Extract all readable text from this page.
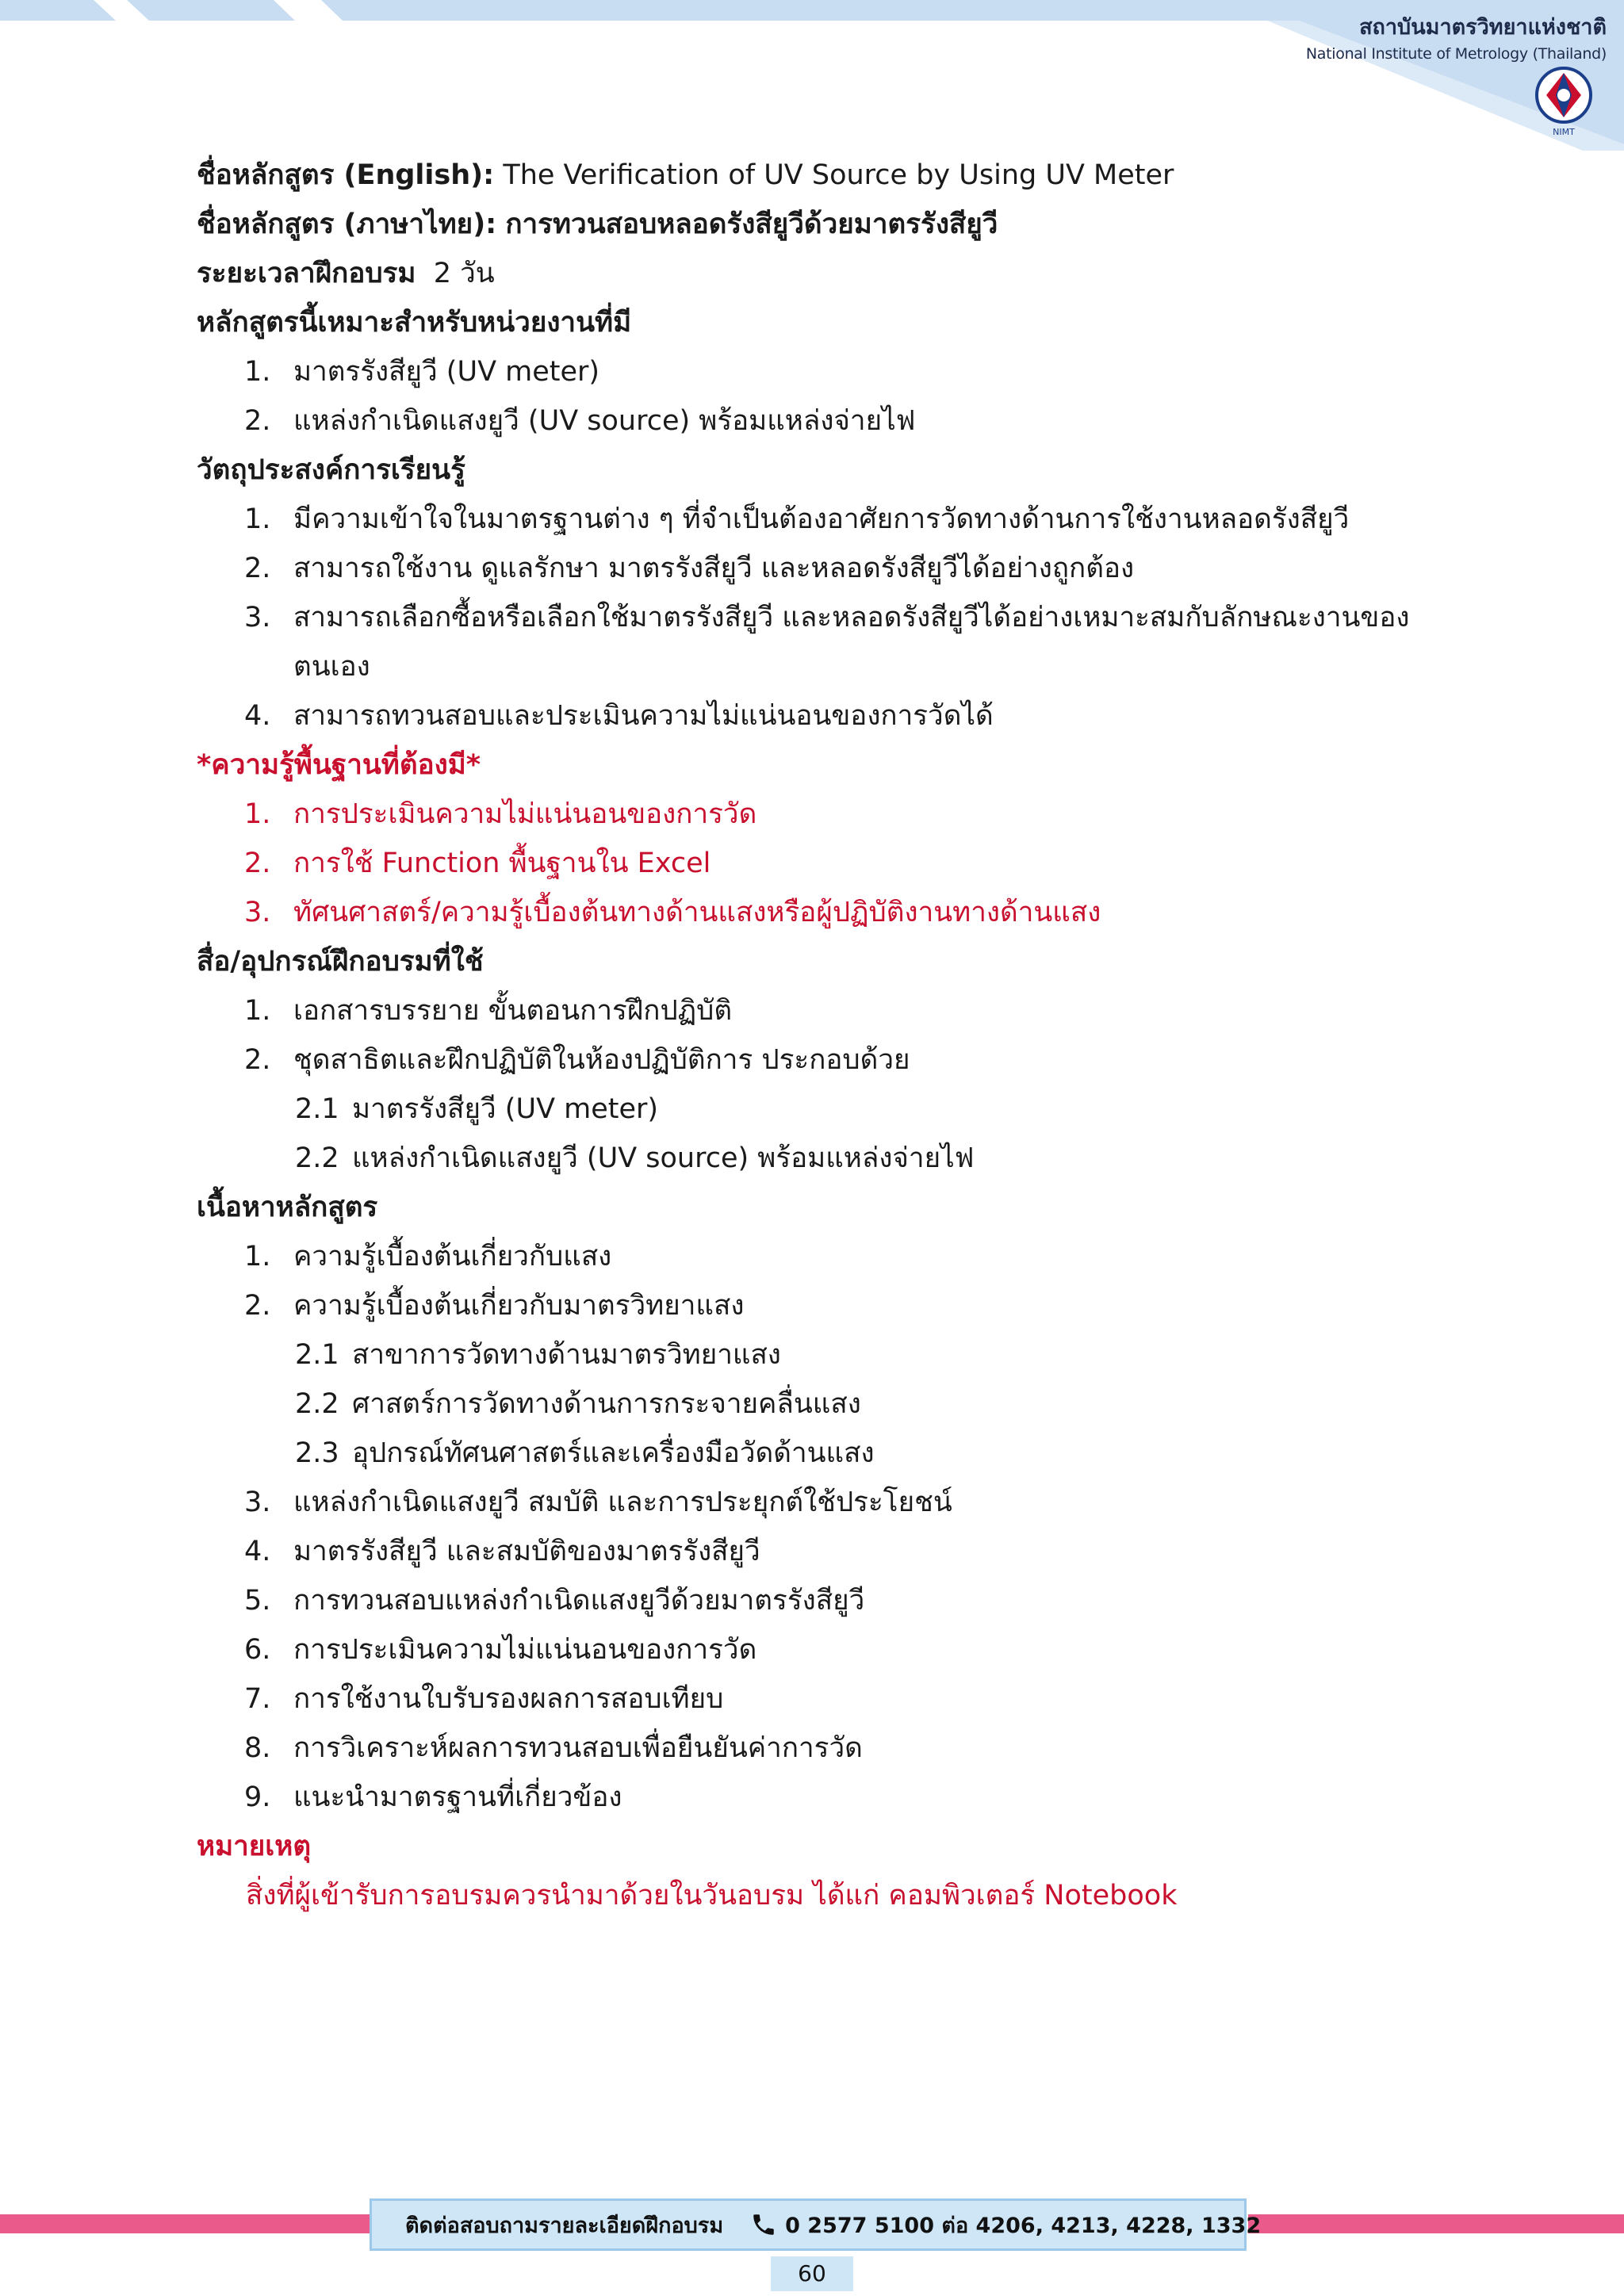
สถาบันมาตรวิทยาแห่งชาติ
National Institute of Metrology (Thailand)
NIMT
ชื่อหลักสูตร (English): The Verification of UV Source by Using UV Meter
ชื่อหลักสูตร (ภาษาไทย): การทวนสอบหลอดรังสียูวีด้วยมาตรรังสียูวี
ระยะเวลาฝึกอบรม 2 วัน
หลักสูตรนี้เหมาะสำหรับหน่วยงานที่มี
1. มาตรรังสียูวี (UV meter)
2. แหล่งกำเนิดแสงยูวี (UV source) พร้อมแหล่งจ่ายไฟ
วัตถุประสงค์การเรียนรู้
1. มีความเข้าใจในมาตรฐานต่าง ๆ ที่จำเป็นต้องอาศัยการวัดทางด้านการใช้งานหลอดรังสียูวี
2. สามารถใช้งาน ดูแลรักษา มาตรรังสียูวี และหลอดรังสียูวีได้อย่างถูกต้อง
3. สามารถเลือกซื้อหรือเลือกใช้มาตรรังสียูวี และหลอดรังสียูวีได้อย่างเหมาะสมกับลักษณะงานของ
ตนเอง
4. สามารถทวนสอบและประเมินความไม่แน่นอนของการวัดได้
*ความรู้พื้นฐานที่ต้องมี*
1. การประเมินความไม่แน่นอนของการวัด
2. การใช้ Function พื้นฐานใน Excel
3. ทัศนศาสตร์/ความรู้เบื้องต้นทางด้านแสงหรือผู้ปฏิบัติงานทางด้านแสง
สื่อ/อุปกรณ์ฝึกอบรมที่ใช้
1. เอกสารบรรยาย ขั้นตอนการฝึกปฏิบัติ
2. ชุดสาธิตและฝึกปฏิบัติในห้องปฏิบัติการ ประกอบด้วย
2.1 มาตรรังสียูวี (UV meter)
2.2 แหล่งกำเนิดแสงยูวี (UV source) พร้อมแหล่งจ่ายไฟ
เนื้อหาหลักสูตร
1. ความรู้เบื้องต้นเกี่ยวกับแสง
2. ความรู้เบื้องต้นเกี่ยวกับมาตรวิทยาแสง
2.1 สาขาการวัดทางด้านมาตรวิทยาแสง
2.2 ศาสตร์การวัดทางด้านการกระจายคลื่นแสง
2.3 อุปกรณ์ทัศนศาสตร์และเครื่องมือวัดด้านแสง
3. แหล่งกำเนิดแสงยูวี สมบัติ และการประยุกต์ใช้ประโยชน์
4. มาตรรังสียูวี และสมบัติของมาตรรังสียูวี
5. การทวนสอบแหล่งกำเนิดแสงยูวีด้วยมาตรรังสียูวี
6. การประเมินความไม่แน่นอนของการวัด
7. การใช้งานใบรับรองผลการสอบเทียบ
8. การวิเคราะห์ผลการทวนสอบเพื่อยืนยันค่าการวัด
9. แนะนำมาตรฐานที่เกี่ยวข้อง
หมายเหตุ
สิ่งที่ผู้เข้ารับการอบรมควรนำมาด้วยในวันอบรม ได้แก่ คอมพิวเตอร์ Notebook
ติดต่อสอบถามรายละเอียดฝึกอบรม	0 2577 5100 ต่อ 4206, 4213, 4228, 1332
60
